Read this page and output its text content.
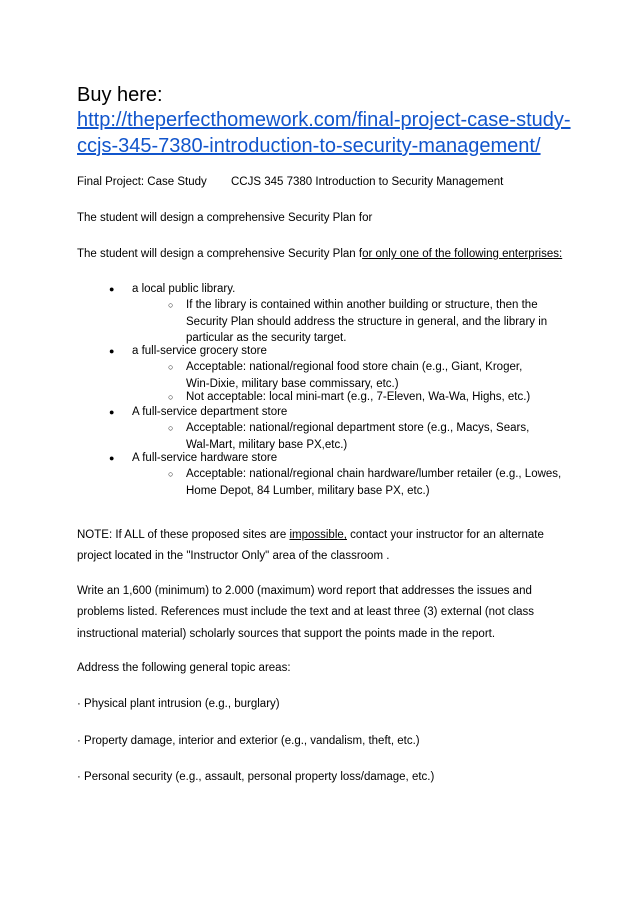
Buy here:
http://theperfecthomework.com/final-project-case-study-
ccjs-345-7380-introduction-to-security-management/
Final Project: Case Study CCJS 345 7380 Introduction to Security Management
The student will design a comprehensive Security Plan for
The student will design a comprehensive Security Plan for only one of the following enterprises:
● a local public library.
○ If the library is contained within another building or structure, then the
Security Plan should address the structure in general, and the library in
particular as the security target.
● a full-service grocery store
○ Acceptable: national/regional food store chain (e.g., Giant, Kroger,
Win-Dixie, military base commissary, etc.)
○ Not acceptable: local mini-mart (e.g., 7-Eleven, Wa-Wa, Highs, etc.)
● A full-service department store
○ Acceptable: national/regional department store (e.g., Macys, Sears,
Wal-Mart, military base PX,etc.)
● A full-service hardware store
○ Acceptable: national/regional chain hardware/lumber retailer (e.g., Lowes,
Home Depot, 84 Lumber, military base PX, etc.)
NOTE: If ALL of these proposed sites are impossible, contact your instructor for an alternate
project located in the "Instructor Only" area of the classroom .
Write an 1,600 (minimum) to 2.000 (maximum) word report that addresses the issues and
problems listed. References must include the text and at least three (3) external (not class
instructional material) scholarly sources that support the points made in the report.
Address the following general topic areas:
· Physical plant intrusion (e.g., burglary)
· Property damage, interior and exterior (e.g., vandalism, theft, etc.)
· Personal security (e.g., assault, personal property loss/damage, etc.)
